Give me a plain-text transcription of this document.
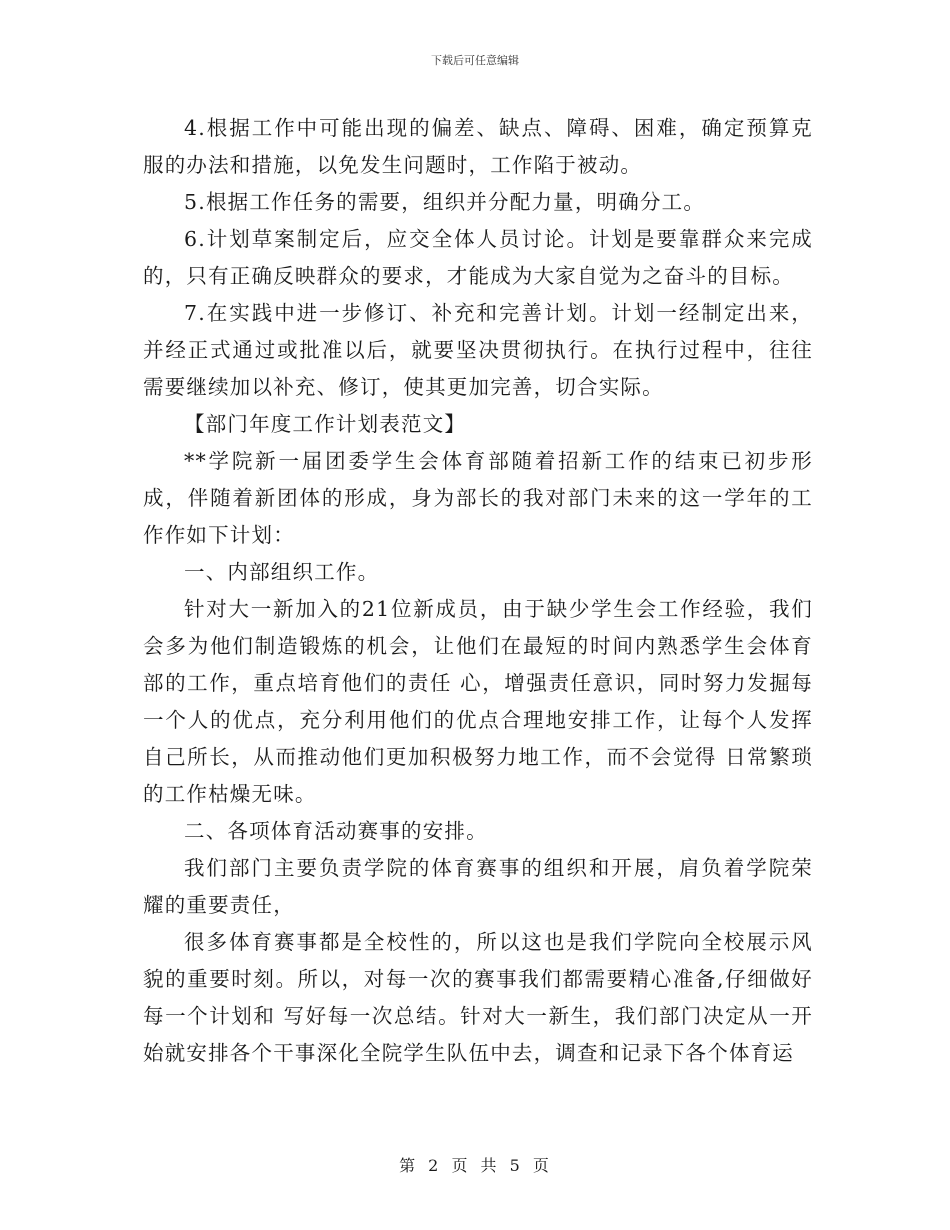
下载后可任意编辑

4.根据工作中可能出现的偏差、缺点、障碍、困难，确定预算克服的办法和措施，以免发生问题时，工作陷于被动。

5.根据工作任务的需要，组织并分配力量，明确分工。

6.计划草案制定后，应交全体人员讨论。计划是要靠群众来完成的，只有正确反映群众的要求，才能成为大家自觉为之奋斗的目标。

7.在实践中进一步修订、补充和完善计划。计划一经制定出来，并经正式通过或批准以后，就要坚决贯彻执行。在执行过程中，往往需要继续加以补充、修订，使其更加完善，切合实际。

【部门年度工作计划表范文】

**学院新一届团委学生会体育部随着招新工作的结束已初步形成，伴随着新团体的形成，身为部长的我对部门未来的这一学年的工作作如下计划：

一、内部组织工作。

针对大一新加入的21位新成员，由于缺少学生会工作经验，我们会多为他们制造锻炼的机会，让他们在最短的时间内熟悉学生会体育部的工作，重点培育他们的责任 心，增强责任意识，同时努力发掘每一个人的优点，充分利用他们的优点合理地安排工作，让每个人发挥自己所长，从而推动他们更加积极努力地工作，而不会觉得 日常繁琐的工作枯燥无味。

二、各项体育活动赛事的安排。

我们部门主要负责学院的体育赛事的组织和开展，肩负着学院荣耀的重要责任，

很多体育赛事都是全校性的，所以这也是我们学院向全校展示风貌的重要时刻。所以，对每一次的赛事我们都需要精心准备,仔细做好每一个计划和 写好每一次总结。针对大一新生，我们部门决定从一开始就安排各个干事深化全院学生队伍中去，调查和记录下各个体育运

第 2 页 共 5 页
